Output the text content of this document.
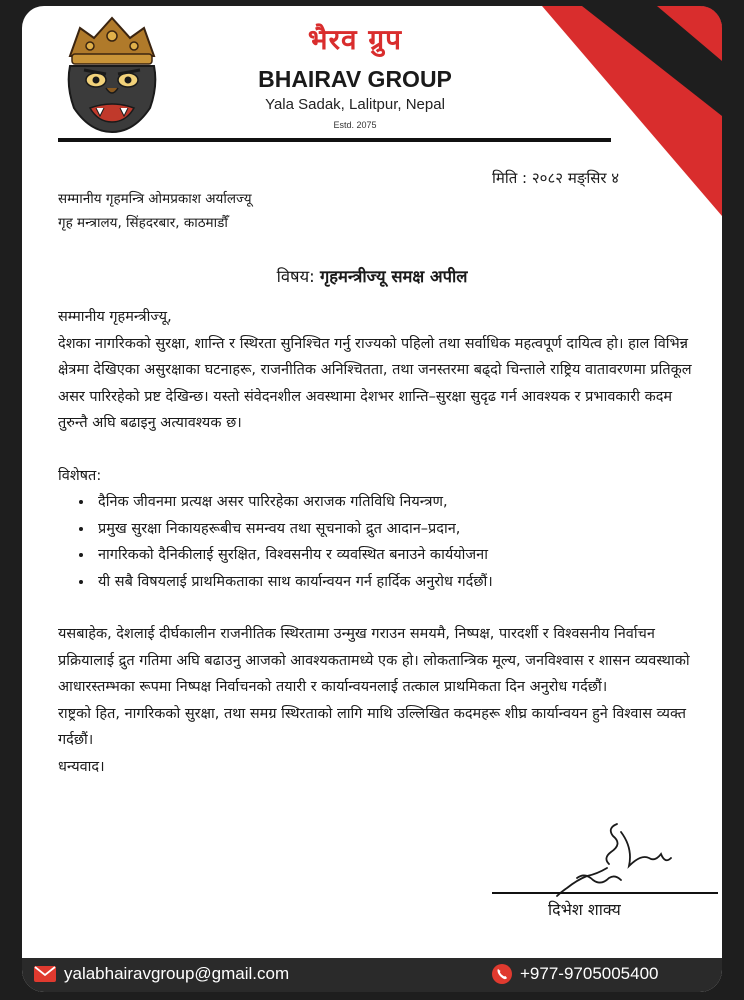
भैरव ग्रुप
BHAIRAV GROUP
Yala Sadak, Lalitpur, Nepal
Estd. 2075
मिति : २०८२ मङ्सिर ४
सम्मानीय गृहमन्त्रि ओमप्रकाश अर्यालज्यू
गृह मन्त्रालय, सिंहदरबार, काठमाडौँ
विषय: गृहमन्त्रीज्यू समक्ष अपील

सम्मानीय गृहमन्त्रीज्यू,

देशका नागरिकको सुरक्षा, शान्ति र स्थिरता सुनिश्चित गर्नु राज्यको पहिलो तथा सर्वाधिक महत्वपूर्ण दायित्व हो। हाल विभिन्न क्षेत्रमा देखिएका असुरक्षाका घटनाहरू, राजनीतिक अनिश्चितता, तथा जनस्तरमा बढ्दो चिन्ताले राष्ट्रिय वातावरणमा प्रतिकूल असर पारिरहेको प्रष्ट देखिन्छ। यस्तो संवेदनशील अवस्थामा देशभर शान्ति–सुरक्षा सुदृढ गर्न आवश्यक र प्रभावकारी कदम तुरुन्तै अघि बढाइनु अत्यावश्यक छ।

विशेषत:

• दैनिक जीवनमा प्रत्यक्ष असर पारिरहेका अराजक गतिविधि नियन्त्रण,
• प्रमुख सुरक्षा निकायहरूबीच समन्वय तथा सूचनाको द्रुत आदान–प्रदान,
• नागरिकको दैनिकीलाई सुरक्षित, विश्वसनीय र व्यवस्थित बनाउने कार्ययोजना
• यी सबै विषयलाई प्राथमिकताका साथ कार्यान्वयन गर्न हार्दिक अनुरोध गर्दछौं।

यसबाहेक, देशलाई दीर्घकालीन राजनीतिक स्थिरतामा उन्मुख गराउन समयमै, निष्पक्ष, पारदर्शी र विश्वसनीय निर्वाचन प्रक्रियालाई द्रुत गतिमा अघि बढाउनु आजको आवश्यकतामध्ये एक हो। लोकतान्त्रिक मूल्य, जनविश्वास र शासन व्यवस्थाको आधारस्तम्भका रूपमा निष्पक्ष निर्वाचनको तयारी र कार्यान्वयनलाई तत्काल प्राथमिकता दिन अनुरोध गर्दछौं।

राष्ट्रको हित, नागरिकको सुरक्षा, तथा समग्र स्थिरताको लागि माथि उल्लिखित कदमहरू शीघ्र कार्यान्वयन हुने विश्वास व्यक्त गर्दछौं।

धन्यवाद।

दिभेश शाक्य
yalabhairavgroup@gmail.com	+977-9705005400
